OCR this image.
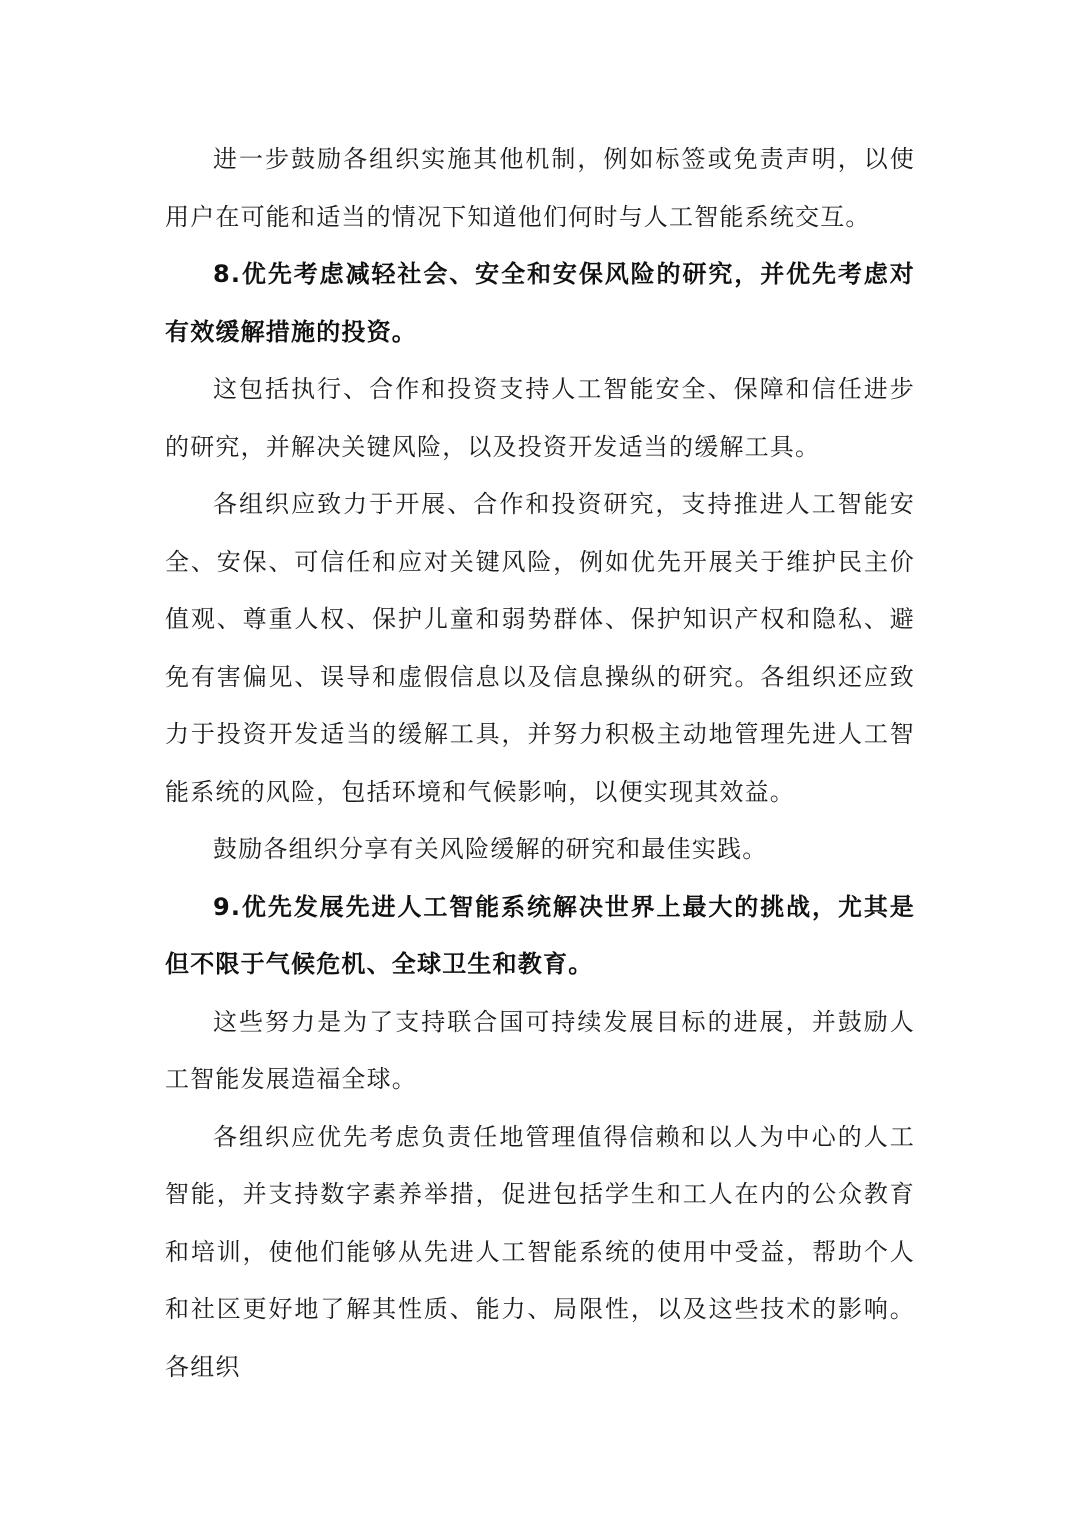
进一步鼓励各组织实施其他机制，例如标签或免责声明，以使用户在可能和适当的情况下知道他们何时与人工智能系统交互。

8.优先考虑减轻社会、安全和安保风险的研究，并优先考虑对有效缓解措施的投资。

这包括执行、合作和投资支持人工智能安全、保障和信任进步的研究，并解决关键风险，以及投资开发适当的缓解工具。

各组织应致力于开展、合作和投资研究，支持推进人工智能安全、安保、可信任和应对关键风险，例如优先开展关于维护民主价值观、尊重人权、保护儿童和弱势群体、保护知识产权和隐私、避免有害偏见、误导和虚假信息以及信息操纵的研究。各组织还应致力于投资开发适当的缓解工具，并努力积极主动地管理先进人工智能系统的风险，包括环境和气候影响，以便实现其效益。

鼓励各组织分享有关风险缓解的研究和最佳实践。

9.优先发展先进人工智能系统解决世界上最大的挑战，尤其是但不限于气候危机、全球卫生和教育。

这些努力是为了支持联合国可持续发展目标的进展，并鼓励人工智能发展造福全球。

各组织应优先考虑负责任地管理值得信赖和以人为中心的人工智能，并支持数字素养举措，促进包括学生和工人在内的公众教育和培训，使他们能够从先进人工智能系统的使用中受益，帮助个人和社区更好地了解其性质、能力、局限性，以及这些技术的影响。各组织
